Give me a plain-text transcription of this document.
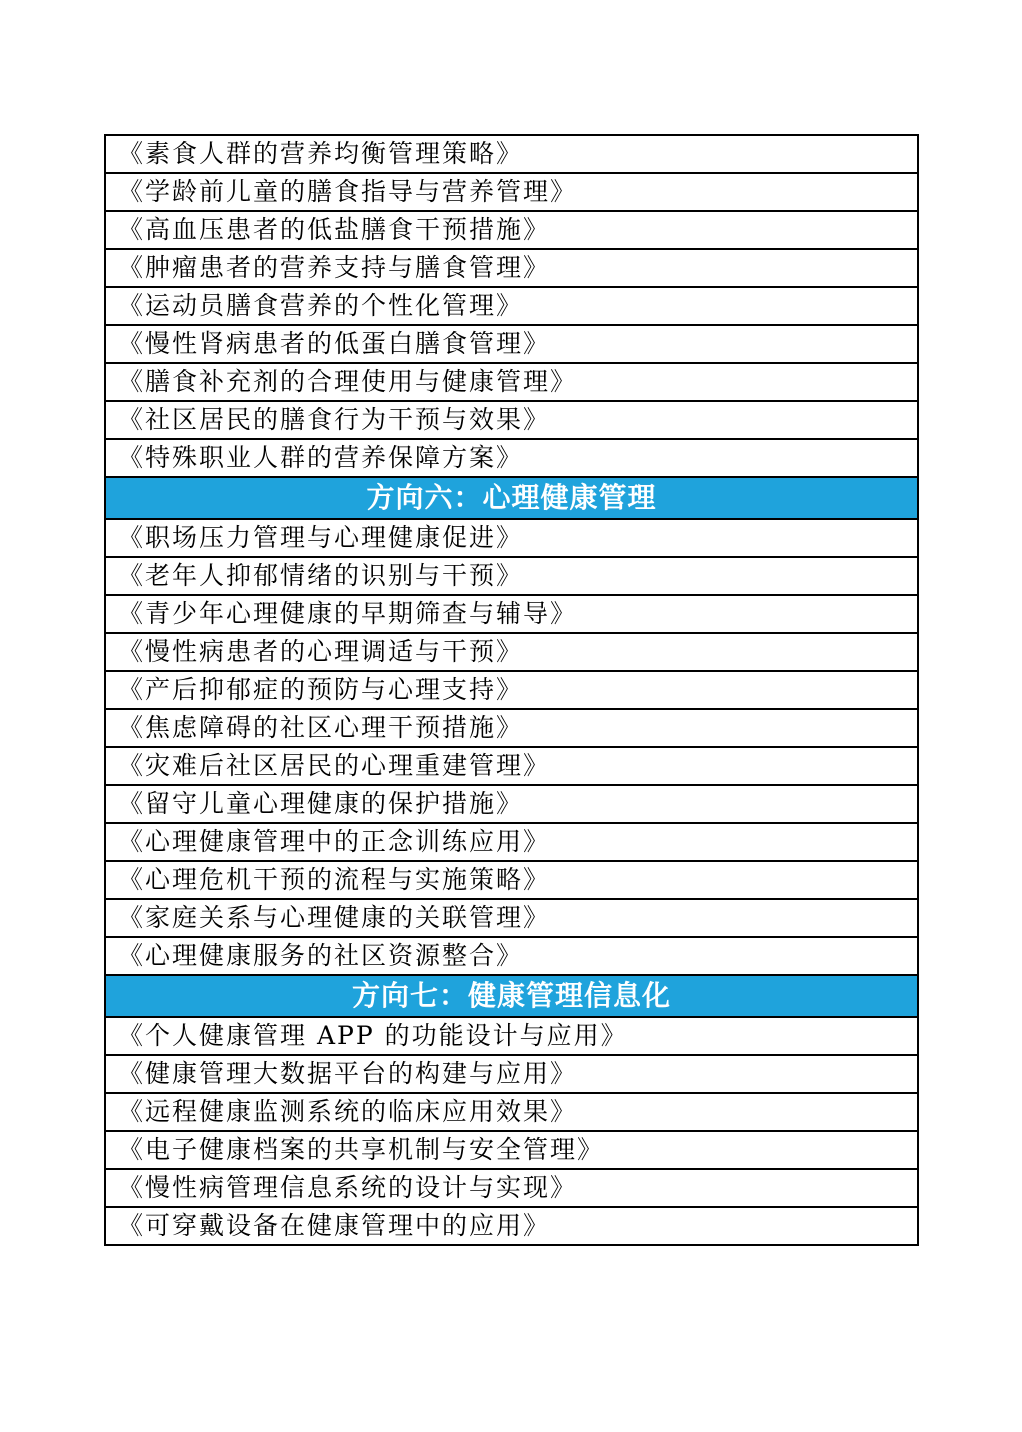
《素食人群的营养均衡管理策略》
《学龄前儿童的膳食指导与营养管理》
《高血压患者的低盐膳食干预措施》
《肿瘤患者的营养支持与膳食管理》
《运动员膳食营养的个性化管理》
《慢性肾病患者的低蛋白膳食管理》
《膳食补充剂的合理使用与健康管理》
《社区居民的膳食行为干预与效果》
《特殊职业人群的营养保障方案》
方向六：心理健康管理
《职场压力管理与心理健康促进》
《老年人抑郁情绪的识别与干预》
《青少年心理健康的早期筛查与辅导》
《慢性病患者的心理调适与干预》
《产后抑郁症的预防与心理支持》
《焦虑障碍的社区心理干预措施》
《灾难后社区居民的心理重建管理》
《留守儿童心理健康的保护措施》
《心理健康管理中的正念训练应用》
《心理危机干预的流程与实施策略》
《家庭关系与心理健康的关联管理》
《心理健康服务的社区资源整合》
方向七：健康管理信息化
《个人健康管理 APP 的功能设计与应用》
《健康管理大数据平台的构建与应用》
《远程健康监测系统的临床应用效果》
《电子健康档案的共享机制与安全管理》
《慢性病管理信息系统的设计与实现》
《可穿戴设备在健康管理中的应用》
